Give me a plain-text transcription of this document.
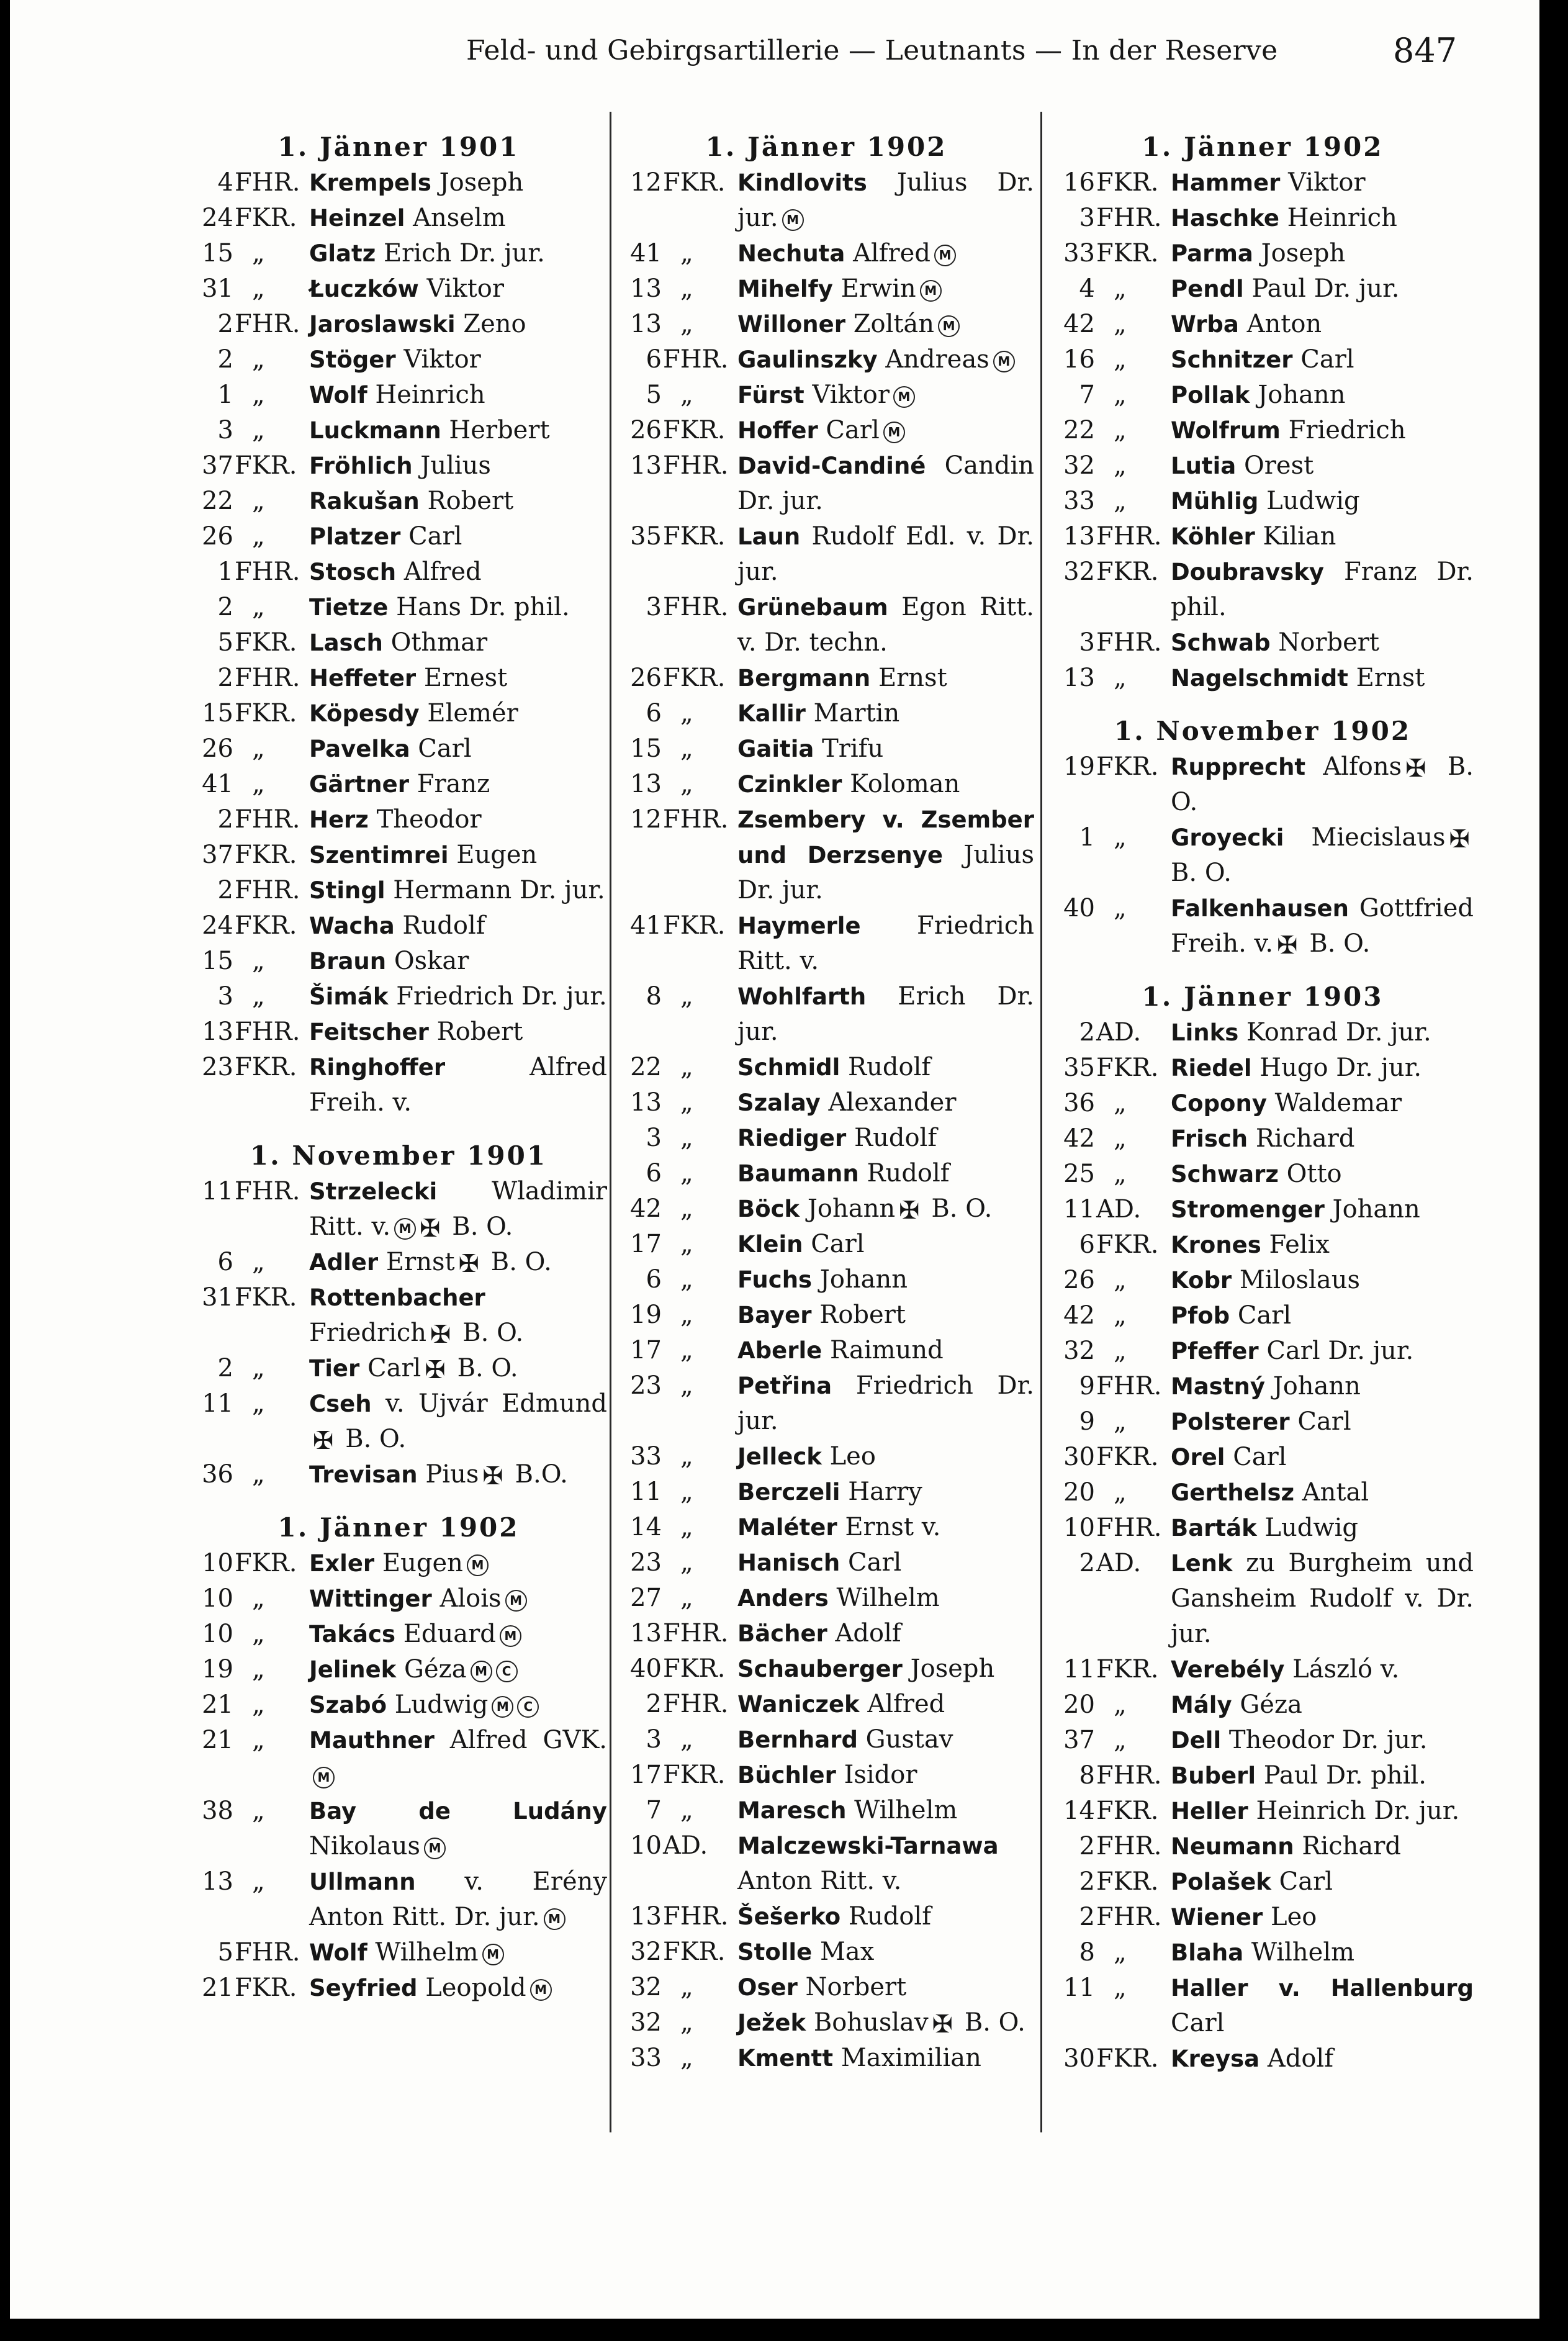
Feld- und Gebirgsartillerie — Leutnants — In der Reserve	847
1. Jänner 1901
4FHR. Krempels Joseph
24FKR. Heinzel Anselm
15 „	Glatz Erich Dr. jur.
31 „	Łuczków Viktor
2FHR. Jaroslawski Zeno
2 „	Stöger Viktor
1 „	Wolf Heinrich
3 „	Luckmann Herbert
37FKR. Fröhlich Julius
22 „	Rakušan Robert
26 „	Platzer Carl
1FHR. Stosch Alfred
2 „	Tietze Hans Dr. phil.
5FKR. Lasch Othmar
2FHR. Heffeter Ernest
15FKR. Köpesdy Elemér
26 „	Pavelka Carl
41 „	Gärtner Franz
2FHR. Herz Theodor
37FKR. Szentimrei Eugen
2FHR. Stingl Hermann Dr. jur.
24FKR. Wacha Rudolf
15 „	Braun Oskar
3 „	Šimák Friedrich Dr. jur.
13FHR. Feitscher Robert
23FKR. Ringhoffer	Alfred Freih. v.
1. November 1901
11FHR. Strzelecki Wladimir Ritt. v. M ✠ B. O.
6 „	Adler Ernst ✠ B. O.
31FKR. Rottenbacher Friedrich ✠ B. O.
2 „	Tier Carl ✠ B. O.
11 „	Cseh v. Ujvár Edmund✠ B. O.
36 „	Trevisan Pius ✠ B.O.
1. Jänner 1902
10FKR. Exler Eugen M
10 „	Wittinger Alois M
10 „	Takács Eduard M
19 „	Jelinek Géza M C
21 „	Szabó Ludwig M C
21 „	Mauthner Alfred GVK.M
38 „	Bay de Ludány Nikolaus M
13 „	Ullmann v. Erény Anton Ritt. Dr. jur. M
5FHR. Wolf Wilhelm M
21FKR. Seyfried Leopold M
1. Jänner 1902
12FKR. Kindlovits Julius Dr. jur. M
41 „	Nechuta Alfred M
13 „	Mihelfy Erwin M
13 „	Willoner Zoltán M
6FHR. Gaulinszky Andreas M
5 „	Fürst Viktor M
26FKR. Hoffer Carl M
13FHR. David-Candiné Candin Dr. jur.
35FKR. Laun Rudolf Edl. v. Dr. jur.
3FHR. Grünebaum Egon Ritt. v. Dr. techn.
26FKR. Bergmann Ernst
6 „	Kallir Martin
15 „	Gaitia Trifu
13 „	Czinkler Koloman
12FHR. Zsembery v. Zsember und Derzsenye Julius Dr. jur.
41FKR. Haymerle Friedrich Ritt. v.
8 „	Wohlfarth Erich Dr. jur.
22 „	Schmidl Rudolf
13 „	Szalay Alexander
3 „	Riediger Rudolf
6 „	Baumann Rudolf
42 „	Böck Johann ✠ B. O.
17 „	Klein Carl
6 „	Fuchs Johann
19 „	Bayer Robert
17 „	Aberle Raimund
23 „	Petřina Friedrich Dr. jur.
33 „	Jelleck Leo
11 „	Berczeli Harry
14 „	Maléter Ernst v.
23 „	Hanisch Carl
27 „	Anders Wilhelm
13FHR. Bächer Adolf
40FKR. Schauberger Joseph
2FHR. Waniczek Alfred
3 „	Bernhard Gustav
17FKR. Büchler Isidor
7 „	Maresch Wilhelm
10AD.	Malczewski-Tarnawa Anton Ritt. v.
13FHR. Šešerko Rudolf
32FKR. Stolle Max
32 „	Oser Norbert
32 „	Ježek Bohuslav ✠ B. O.
33 „	Kmentt Maximilian
1. Jänner 1902
16FKR. Hammer Viktor
3FHR. Haschke Heinrich
33FKR. Parma Joseph
4 „	Pendl Paul Dr. jur.
42 „	Wrba Anton
16 „	Schnitzer Carl
7 „	Pollak Johann
22 „	Wolfrum Friedrich
32 „	Lutia Orest
33 „	Mühlig Ludwig
13FHR. Köhler Kilian
32FKR. Doubravsky Franz Dr. phil.
3FHR. Schwab Norbert
13 „	Nagelschmidt Ernst
1. November 1902
19FKR. Rupprecht Alfons ✠ B. O.
1 „	Groyecki Miecislaus ✠ B. O.
40 „	Falkenhausen Gottfried Freih. v. ✠ B. O.
1. Jänner 1903
2AD.	Links Konrad Dr. jur.
35FKR. Riedel Hugo Dr. jur.
36 „	Copony Waldemar
42 „	Frisch Richard
25 „	Schwarz Otto
11AD.	Stromenger Johann
6FKR. Krones Felix
26 „	Kobr Miloslaus
42 „	Pfob Carl
32 „	Pfeffer Carl Dr. jur.
9FHR. Mastný Johann
9 „	Polsterer Carl
30FKR. Orel Carl
20 „	Gerthelsz Antal
10FHR. Barták Ludwig
2AD.	Lenk zu Burgheim und Gansheim Rudolf v. Dr. jur.
11FKR. Verebély László v.
20 „	Mály Géza
37 „	Dell Theodor Dr. jur.
8FHR. Buberl Paul Dr. phil.
14FKR. Heller Heinrich Dr. jur.
2FHR. Neumann Richard
2FKR. Polašek Carl
2FHR. Wiener Leo
8 „	Blaha Wilhelm
11 „	Haller v. Hallenburg Carl
30FKR. Kreysa Adolf
